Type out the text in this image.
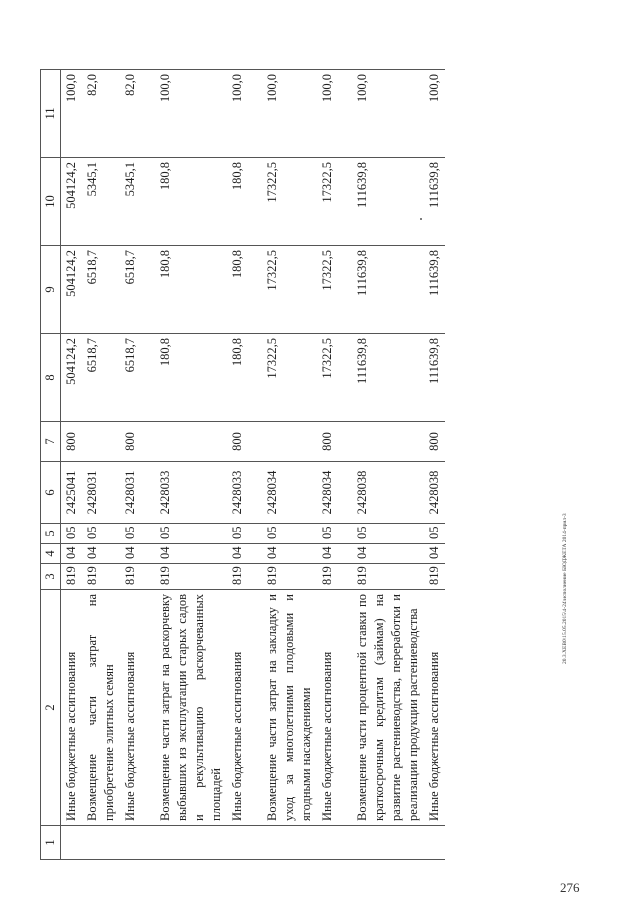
1	2	3	4	5	6	7	8	9	10	11
	Иные бюджетные ассигнования	819	04	05	2425041	800	504124,2	504124,2	504124,2	100,0
	Возмещение части затрат на приобретение элитных семян	819	04	05	2428031		6518,7	6518,7	5345,1	82,0
	Иные бюджетные ассигнования	819	04	05	2428031	800	6518,7	6518,7	5345,1	82,0
	Возмещение части затрат на раскорчевку выбывших из эксплуатации старых садов и рекультивацию раскорчеванных площадей	819	04	05	2428033		180,8	180,8	180,8	100,0
	Иные бюджетные ассигнования	819	04	05	2428033	800	180,8	180,8	180,8	100,0
	Возмещение части затрат на закладку и уход за многолетними плодовыми и ягодными насаждениями	819	04	05	2428034		17322,5	17322,5	17322,5	100,0
	Иные бюджетные ассигнования	819	04	05	2428034	800	17322,5	17322,5	17322,5	100,0
	Возмещение части процентной ставки по краткосрочным кредитам (займам) на развитие растениеводства, переработки и реализации продукции растениеводства	819	04	05	2428038		111639,8	111639,8	111639,8	100,0
	Иные бюджетные ассигнования	819	04	05	2428038	800	111639,8	111639,8	111639,8	100,0
20.3.XEB0\15.05.2015\4-24\исполнение БЮДЖЕТА 2014-прил-3
276
